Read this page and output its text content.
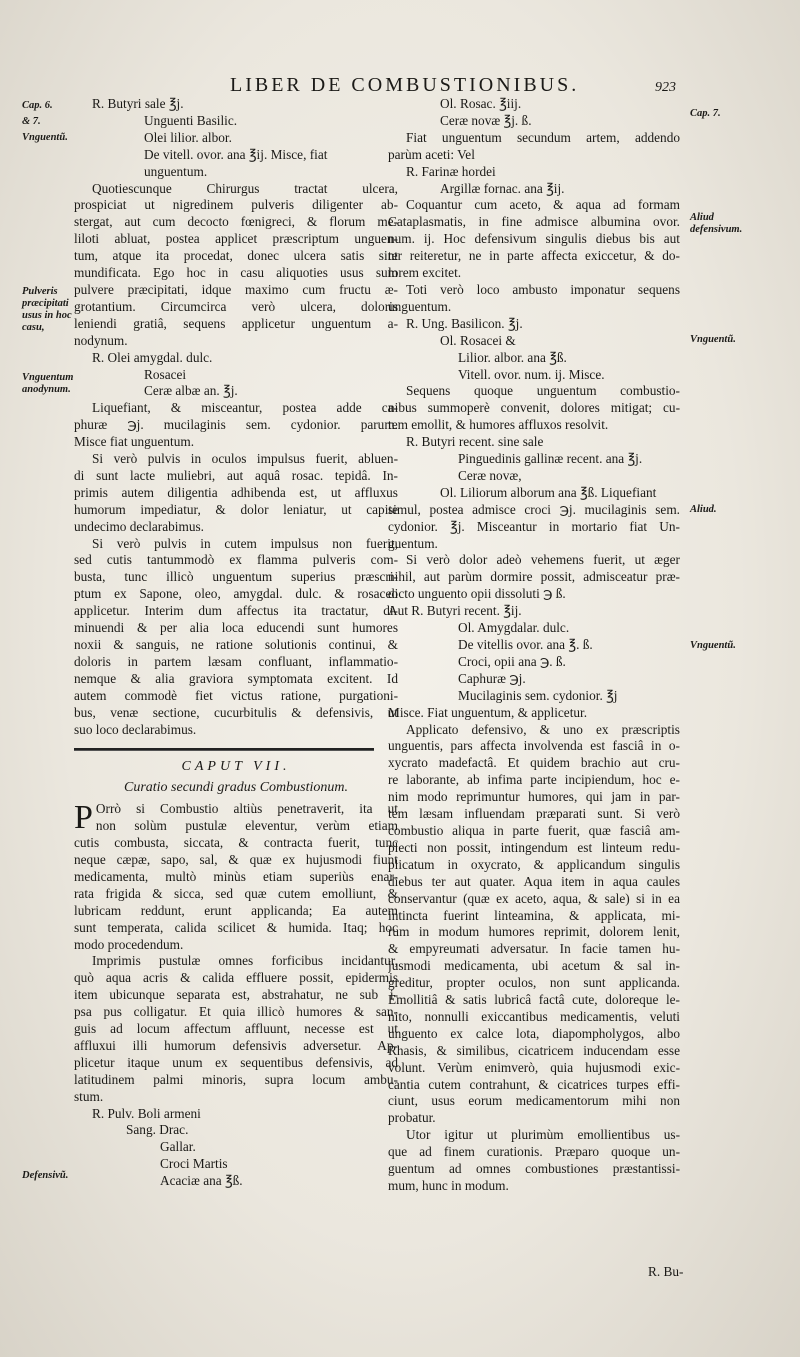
LIBER DE COMBUSTIONIBUS.	923
Cap. 6.
& 7.
Vnguentũ.
Pulveris præcipitati usus in hoc casu,
Vnguentum anodynum.
Cap. 7.
Aliud defensivum.
Vnguentũ.
Aliud.
Vnguentũ.
Defensivũ.
R. Butyri sale ℥j.
Unguenti Basilic.
Olei lilior. albor.
De vitell. ovor. ana ℥ij. Misce, fiat
unguentum.

Quotiescunque Chirurgus tractat ulcera,
prospiciat ut nigredinem pulveris diligenter ab-
stergat, aut cum decocto fœnigreci, & florum me-
liloti abluat, postea applicet præscriptum unguen-
tum, atque ita procedat, donec ulcera satis sint
mundificata. Ego hoc in casu aliquoties usus sum
pulvere præcipitati, idque maximo cum fructu æ-
grotantium. Circumcirca verò ulcera, doloris
leniendi gratiâ, sequens applicetur unguentum a-
nodynum.

R. Olei amygdal. dulc.
Rosacei
Ceræ albæ an. ℥j.

Liquefiant, & misceantur, postea adde ca-
phuræ ℈j. mucilaginis sem. cydonior. parum.
Misce fiat unguentum.

Si verò pulvis in oculos impulsus fuerit, abluen-
di sunt lacte muliebri, aut aquâ rosac. tepidâ. In-
primis autem diligentia adhibenda est, ut affluxus
humorum impediatur, & dolor leniatur, ut capite
undecimo declarabimus.

Si verò pulvis in cutem impulsus non fuerit,
sed cutis tantummodò ex flamma pulveris com-
busta, tunc illicò unguentum superius præscri-
ptum ex Sapone, oleo, amygdal. dulc. & rosaceo
applicetur. Interim dum affectus ita tractatur, di-
minuendi & per alia loca educendi sunt humores
noxii & sanguis, ne ratione solutionis continui, &
doloris in partem læsam confluant, inflammatio-
nemque & alia graviora symptomata excitent. Id
autem commodè fiet victus ratione, purgationi-
bus, venæ sectione, cucurbitulis & defensivis, ut
suo loco declarabimus.

CAPUT VII.
Curatio secundi gradus Combustionum.

P Orrò si Combustio altiùs penetraverit, ita ut
non solùm pustulæ eleventur, verùm etiam
cutis combusta, siccata, & contracta fuerit, tunc
neque cæpæ, sapo, sal, & quæ ex hujusmodi fiunt
medicamenta, multò minùs etiam superiùs enar-
rata frigida & sicca, sed quæ cutem emolliunt, &
lubricam reddunt, erunt applicanda; Ea autem
sunt temperata, calida scilicet & humida. Itaq; hoc
modo procedendum.

Imprimis pustulæ omnes forficibus incidantur,
quò aqua acris & calida effluere possit, epidermis
item ubicunque separata est, abstrahatur, ne sub i-
psa pus colligatur. Et quia illicò humores & san-
guis ad locum affectum affluunt, necesse est ut
affluxui illi humorum defensivis adversetur. Ap-
plicetur itaque unum ex sequentibus defensivis, ad
latitudinem palmi minoris, supra locum ambu-
stum.

R. Pulv. Boli armeni
Sang. Drac.
Gallar.
Croci Martis
Acaciæ ana ℥ß.
Ol. Rosac. ℥iij.
Ceræ novæ ℥j. ß.

Fiat unguentum secundum artem, addendo
parùm aceti: Vel

R. Farinæ hordei
Argillæ fornac. ana ℥ij.

Coquantur cum aceto, & aqua ad formam
Cataplasmatis, in fine admisce albumina ovor.
num. ij. Hoc defensivum singulis diebus bis aut
ter reiteretur, ne in parte affecta exiccetur, & do-
lorem excitet.

Toti verò loco ambusto imponatur sequens
unguentum.

R. Ung. Basilicon. ℥j.
Ol. Rosacei &
Lilior. albor. ana ℥ß.
Vitell. ovor. num. ij. Misce.

Sequens quoque unguentum combustio-
nibus summoperè convenit, dolores mitigat; cu-
tem emollit, & humores affluxos resolvit.

R. Butyri recent. sine sale
Pinguedinis gallinæ recent. ana ℥j.
Ceræ novæ,
Ol. Liliorum alborum ana ℥ß. Liquefiant

simul, postea admisce croci ℈j. mucilaginis sem.
cydonior. ℥j. Misceantur in mortario fiat Un-
guentum.

Si verò dolor adeò vehemens fuerit, ut æger
nihil, aut parùm dormire possit, admisceatur præ-
dicto unguento opii dissoluti ℈ ß.

Aut R. Butyri recent. ℥ij.
Ol. Amygdalar. dulc.
De vitellis ovor. ana ℥. ß.
Croci, opii ana ℈. ß.
Caphuræ ℈j.
Mucilaginis sem. cydonior. ℥j
Misce. Fiat unguentum, & applicetur.

Applicato defensivo, & uno ex præscriptis
unguentis, pars affecta involvenda est fasciâ in o-
xycrato madefactâ. Et quidem brachio aut cru-
re laborante, ab infima parte incipiendum, hoc e-
nim modo reprimuntur humores, qui jam in par-
tem læsam influendam præparati sunt. Si verò
combustio aliqua in parte fuerit, quæ fasciâ am-
plecti non possit, intingendum est linteum redu-
plicatum in oxycrato, & applicandum singulis
diebus ter aut quater. Aqua item in aqua caules
conservantur (quæ ex aceto, aqua, & sale) si in ea
intincta fuerint linteamina, & applicata, mi-
rum in modum humores reprimit, dolorem lenit,
& empyreumati adversatur. In facie tamen hu-
jusmodi medicamenta, ubi acetum & sal in-
greditur, propter oculos, non sunt applicanda.
Emollitiâ & satis lubricâ factâ cute, doloreque le-
nito, nonnulli exiccantibus medicamentis, veluti
unguento ex calce lota, diapompholygos, albo
Rhasis, & similibus, cicatricem inducendam esse
volunt. Verùm enimverò, quia hujusmodi exic-
cantia cutem contrahunt, & cicatrices turpes effi-
ciunt, usus eorum medicamentorum mihi non
probatur.

Utor igitur ut plurimùm emollientibus us-
que ad finem curationis. Præparo quoque un-
guentum ad omnes combustiones præstantissi-
mum, hunc in modum.

R. Bu-
